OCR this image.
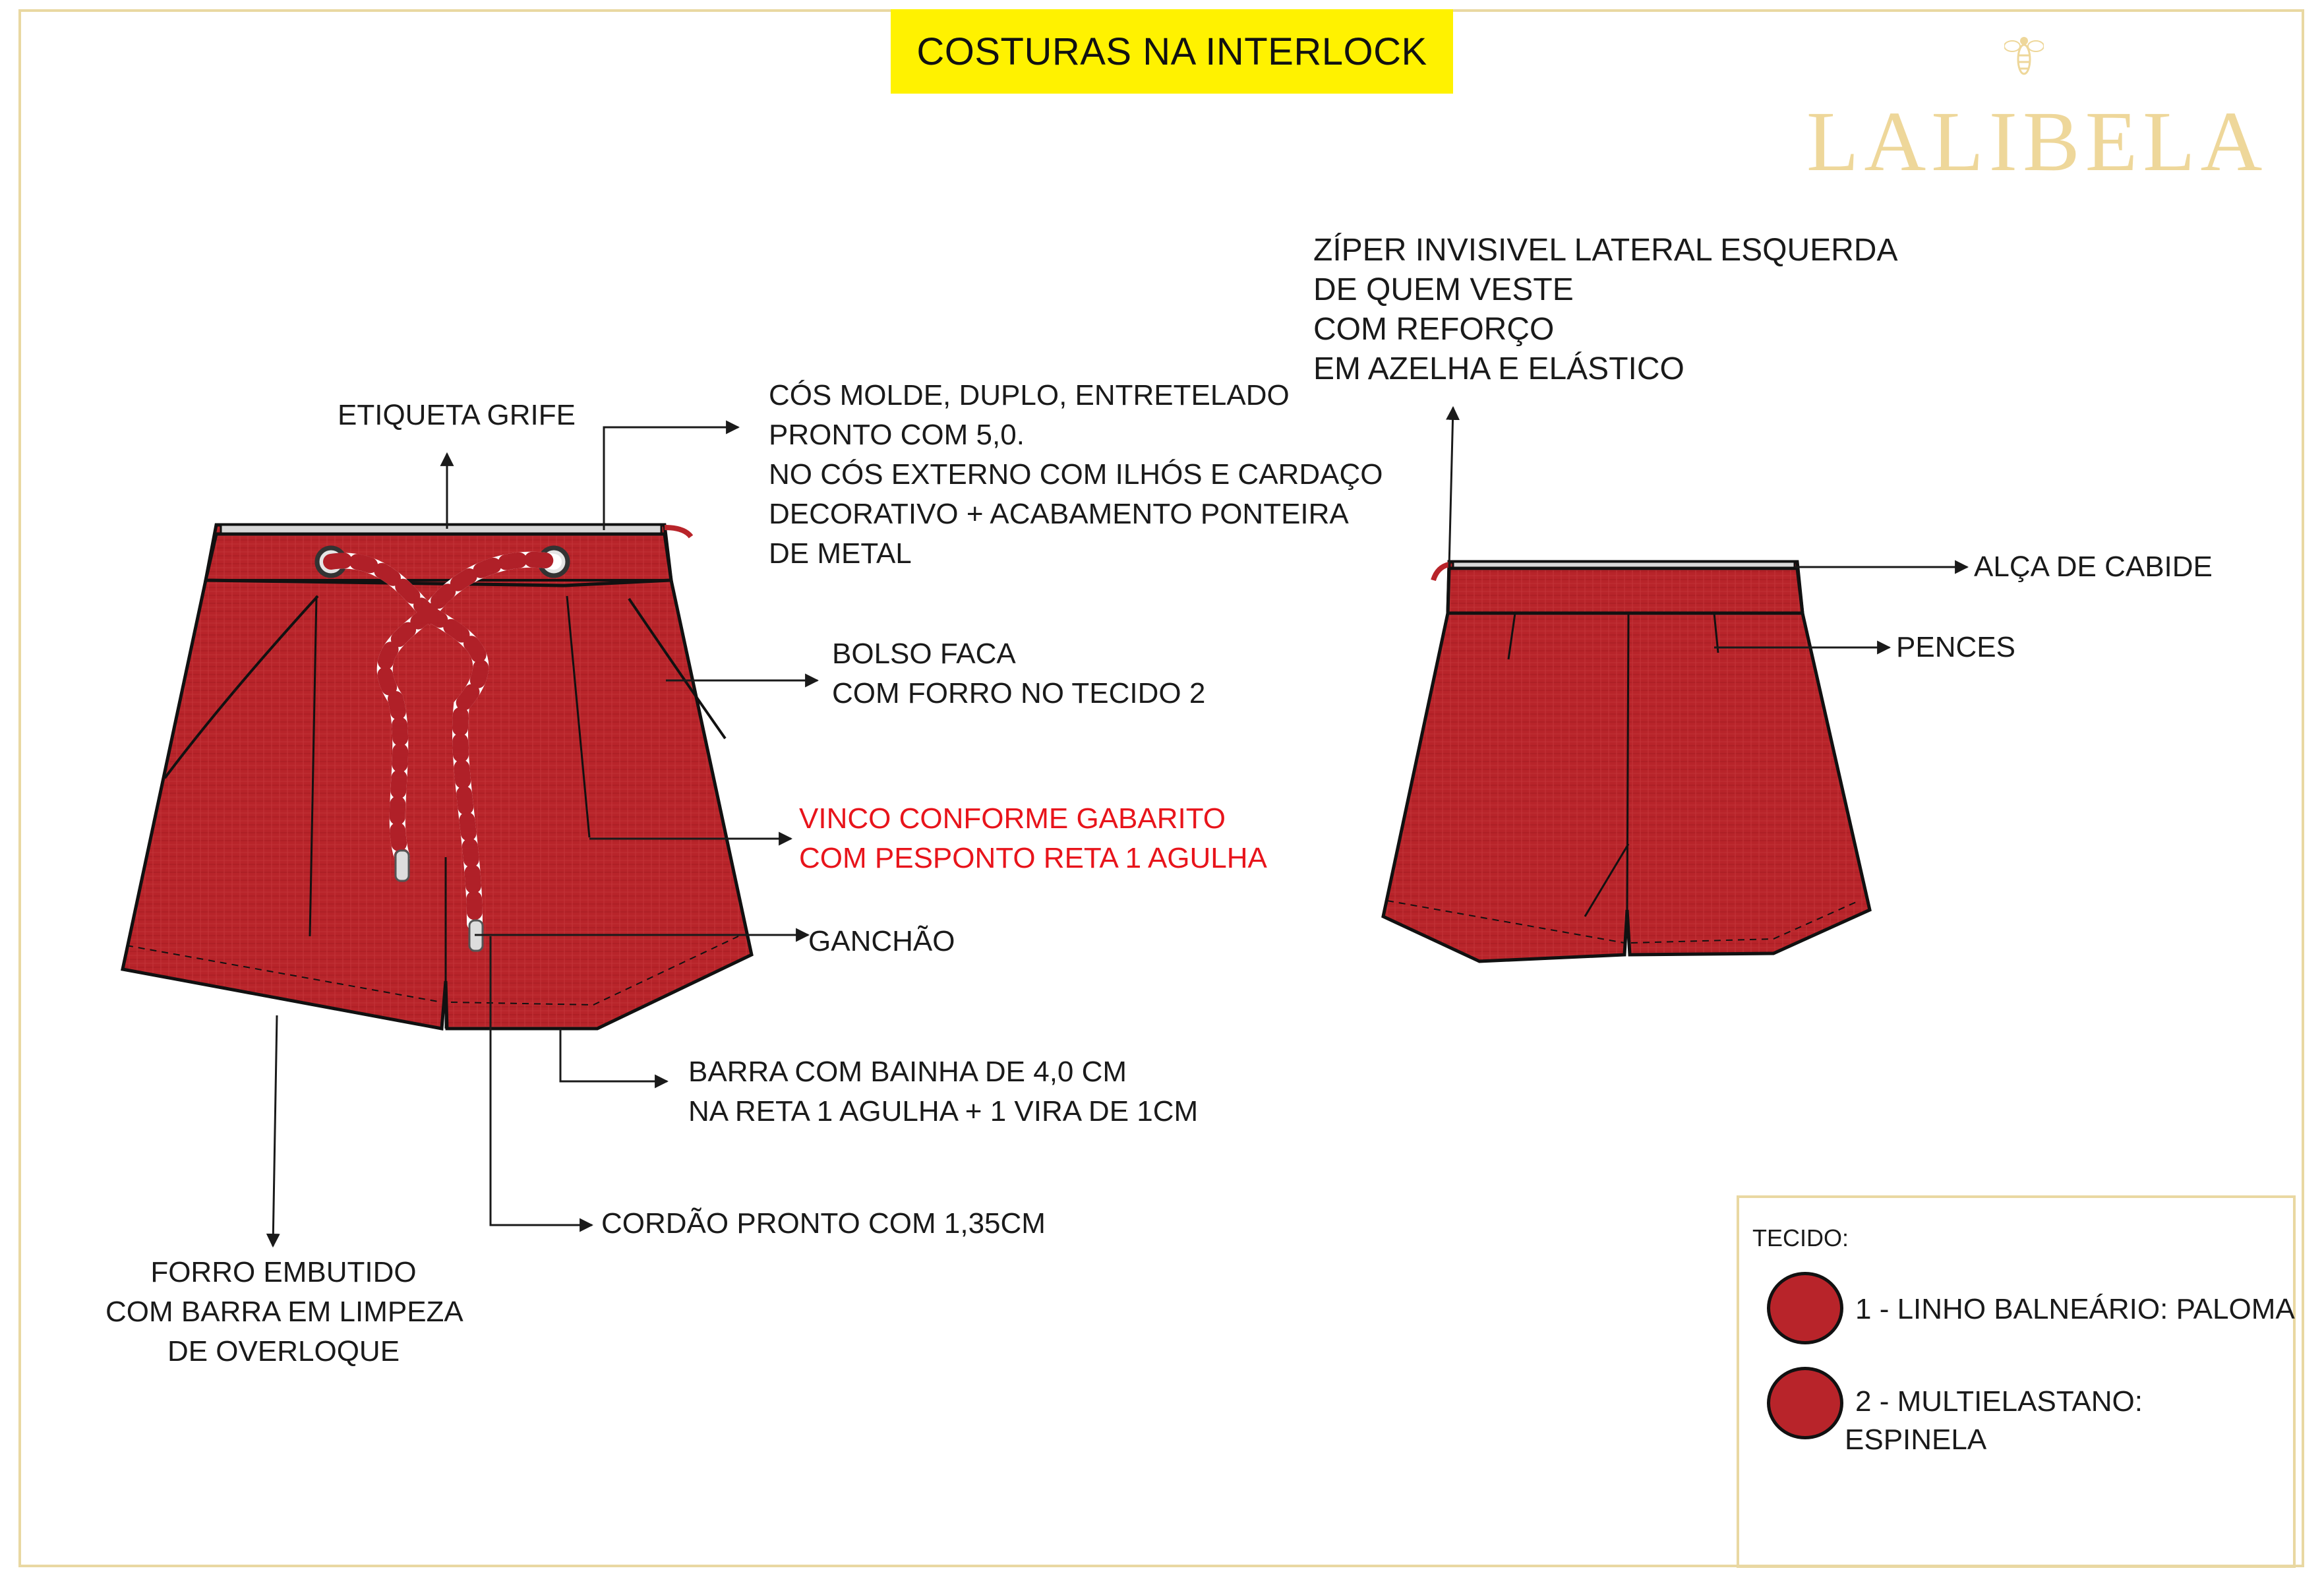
COSTURAS NA INTERLOCK
LALIBELA
ETIQUETA GRIFE
CÓS MOLDE, DUPLO, ENTRETELADO
PRONTO COM 5,0.
NO CÓS EXTERNO COM ILHÓS E CARDAÇO
DECORATIVO + ACABAMENTO PONTEIRA
DE METAL
BOLSO FACA
COM FORRO NO TECIDO 2
VINCO CONFORME GABARITO
COM PESPONTO RETA 1 AGULHA
GANCHÃO
BARRA COM BAINHA DE 4,0 CM
NA RETA 1 AGULHA + 1 VIRA DE 1CM
CORDÃO PRONTO COM 1,35CM
FORRO EMBUTIDO
COM BARRA EM LIMPEZA
DE OVERLOQUE
ZÍPER INVISIVEL LATERAL ESQUERDA
DE QUEM VESTE
COM REFORÇO
EM AZELHA E ELÁSTICO
ALÇA DE CABIDE
PENCES
TECIDO:
1 - LINHO BALNEÁRIO: PALOMA
2 - MULTIELASTANO:
ESPINELA
